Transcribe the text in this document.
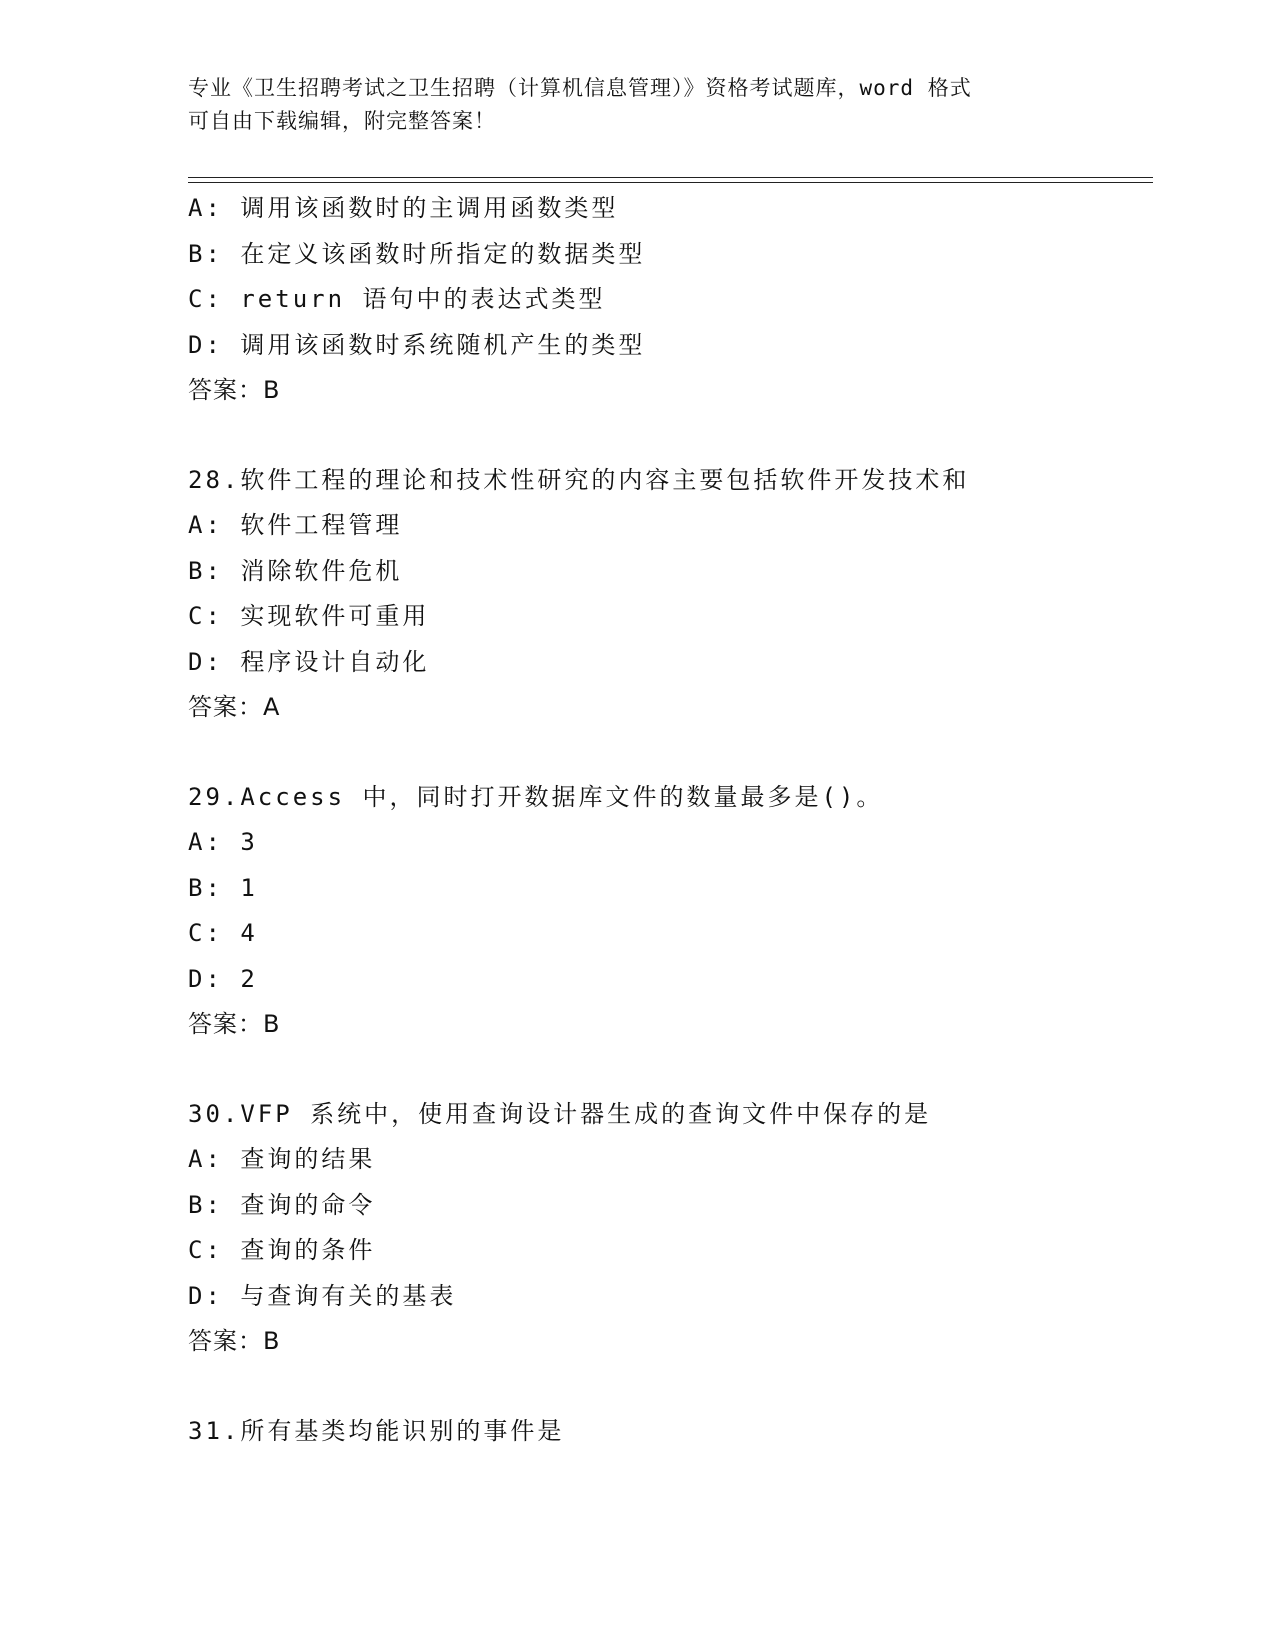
专业《卫生招聘考试之卫生招聘（计算机信息管理）》资格考试题库，word 格式
可自由下载编辑，附完整答案！
A: 调用该函数时的主调用函数类型
B: 在定义该函数时所指定的数据类型
C: return 语句中的表达式类型
D: 调用该函数时系统随机产生的类型
答案：B
28.软件工程的理论和技术性研究的内容主要包括软件开发技术和
A: 软件工程管理
B: 消除软件危机
C: 实现软件可重用
D: 程序设计自动化
答案：A
29.Access 中，同时打开数据库文件的数量最多是()。
A: 3
B: 1
C: 4
D: 2
答案：B
30.VFP 系统中，使用查询设计器生成的查询文件中保存的是
A: 查询的结果
B: 查询的命令
C: 查询的条件
D: 与查询有关的基表
答案：B
31.所有基类均能识别的事件是
